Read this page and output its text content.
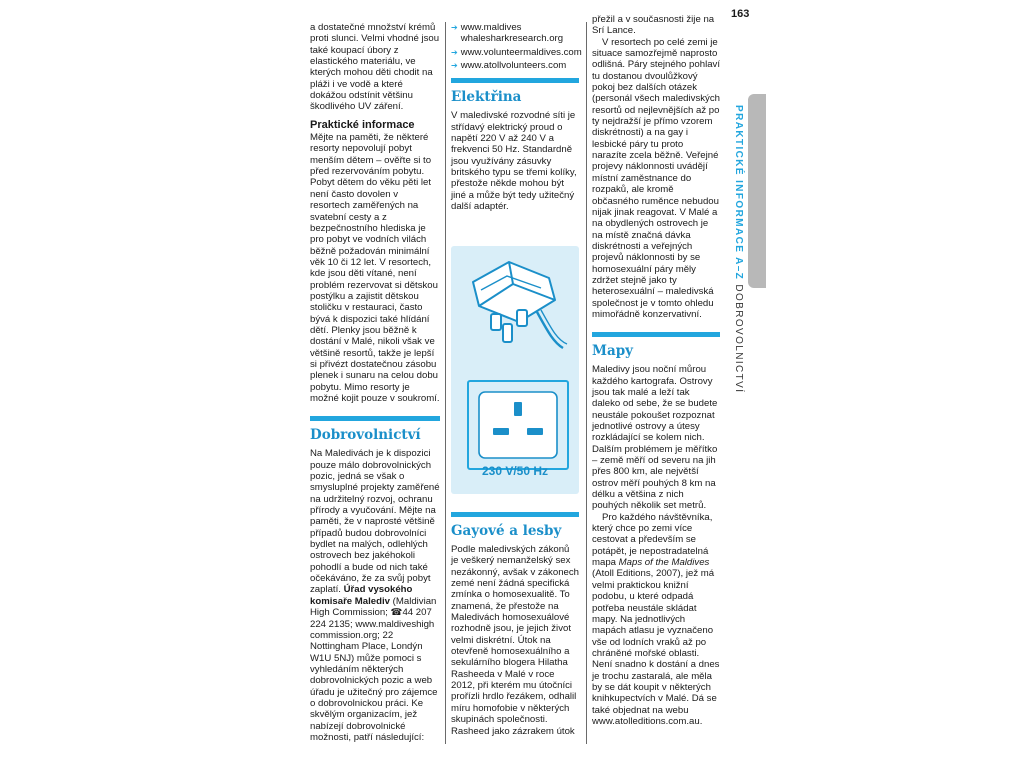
163
PRAKTICKÉ INFORMACE A–Z DOBROVOLNICTVÍ

a dostatečné množství krémů proti slunci. Velmi vhodné jsou také koupací úbory z elastického materiálu, ve kterých mohou děti chodit na pláži i ve vodě a které dokážou odstínit většinu škodlivého UV záření.

Praktické informace

Mějte na paměti, že některé resorty nepovolují pobyt menším dětem – ověřte si to před rezervováním pobytu. Pobyt dětem do věku pěti let není často dovolen v resortech zaměřených na svatební cesty a z bezpečnostního hlediska je pro pobyt ve vodních vilách běžně požadován minimální věk 10 či 12 let. V resortech, kde jsou děti vítané, není problém rezervovat si dětskou postýlku a zajistit dětskou stoličku v restauraci, často bývá k dispozici také hlídání dětí. Plenky jsou běžně k dostání v Malé, nikoli však ve většině resortů, takže je lepší si přivézt dostatečnou zásobu plenek i sunaru na celou dobu pobytu. Mimo resorty je možné kojit pouze v soukromí.

Dobrovolnictví

Na Maledivách je k dispozici pouze málo dobrovolnických pozic, jedná se však o smysluplné projekty zaměřené na udržitelný rozvoj, ochranu přírody a vyučování. Mějte na paměti, že v naprosté většině případů budou dobrovolníci bydlet na malých, odlehlých ostrovech bez jakéhokoli pohodlí a bude od nich také očekáváno, že za svůj pobyt zaplatí. Úřad vysokého komisaře Malediv (Maldivian High Commission; ☎44 207 224 2135; www.maldiveshigh commission.org; 22 Nottingham Place, Londýn W1U 5NJ) může pomoci s vyhledáním některých dobrovolnických pozic a web úřadu je užitečný pro zájemce o dobrovolnickou práci. Ke skvělým organizacím, jež nabízejí dobrovolnické možnosti, patří následující:

➔ www.maldives whalesharkresearch.org
➔ www.volunteermaldives.com
➔ www.atollvolunteers.com
Elektřina

V maledivské rozvodné síti je střídavý elektrický proud o napětí 220 V až 240 V a frekvenci 50 Hz. Standardně jsou využívány zásuvky britského typu se třemi kolíky, přestože někde mohou být jiné a může být tedy užitečný další adaptér.

230 V/50 Hz
Gayové a lesby

Podle maledivských zákonů je veškerý nemanželský sex nezákonný, avšak v zákonech zemé není žádná specifická zmínka o homosexualitě. To znamená, že přestože na Maledivách homosexuálové rozhodně jsou, je jejich život velmi diskrétní. Útok na otevřeně homosexuálního a sekulárního blogera Hilatha Rasheeda v Malé v roce 2012, při kterém mu útočníci prořízli hrdlo řezákem, odhalil míru homofobie v některých skupinách společnosti. Rasheed jako zázrakem útok

přežil a v současnosti žije na Srí Lance.

V resortech po celé zemi je situace samozřejmě naprosto odlišná. Páry stejného pohlaví tu dostanou dvoulůžkový pokoj bez dalších otázek (personál všech maledivských resortů od nejlevnějších až po ty nejdražší je přímo vzorem diskrétnosti) a na gay i lesbické páry tu proto narazíte zcela běžně. Veřejné projevy náklonnosti uvádějí místní zaměstnance do rozpaků, ale kromě občasného ruměnce nebudou nijak jinak reagovat. V Malé a na obydlených ostrovech je na místě značná dávka diskrétnosti a veřejných projevů náklonnosti by se homosexuální páry měly zdržet stejně jako ty heterosexuální – maledivská společnost je v tomto ohledu mimořádně konzervativní.

Mapy

Maledivy jsou noční můrou každého kartografa. Ostrovy jsou tak malé a leží tak daleko od sebe, že se budete neustále pokoušet rozpoznat jednotlivé ostrovy a útesy rozkládající se kolem nich. Dalším problémem je měřítko – země měří od severu na jih přes 800 km, ale největší ostrov měří pouhých 8 km na délku a většina z nich pouhých několik set metrů.

Pro každého návštěvníka, který chce po zemi více cestovat a především se potápět, je nepostradatelná mapa Maps of the Maldives (Atoll Editions, 2007), jež má velmi praktickou knižní podobu, u které odpadá potřeba neustále skládat mapy. Na jednotlivých mapách atlasu je vyznačeno vše od lodních vraků až po chráněné mořské oblasti. Není snadno k dostání a dnes je trochu zastaralá, ale měla by se dát koupit v některých knihkupectvích v Malé. Dá se také objednat na webu www.atolleditions.com.au.
